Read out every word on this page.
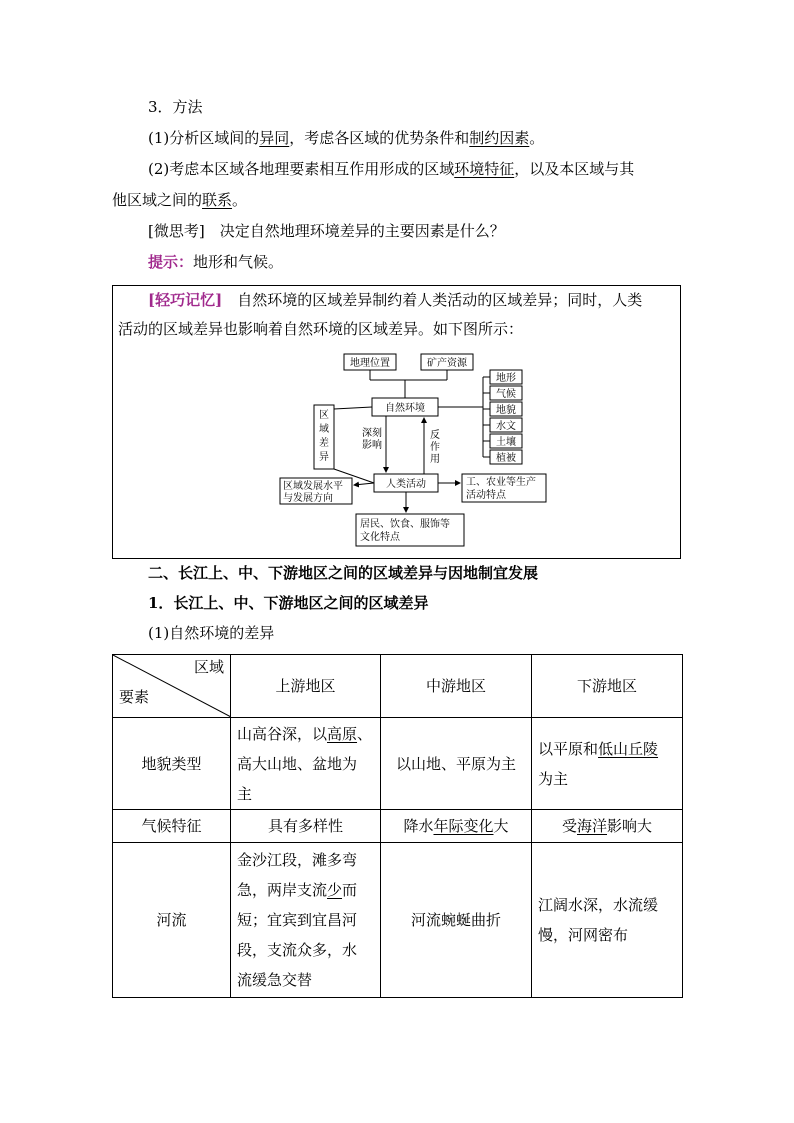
3．方法
(1)分析区域间的异同，考虑各区域的优势条件和制约因素。
(2)考虑本区域各地理要素相互作用形成的区域环境特征，以及本区域与其
他区域之间的联系。
[微思考]　 决定自然地理环境差异的主要因素是什么？
提示：地形和气候。
[轻巧记忆]　 自然环境的区域差异制约着人类活动的区域差异；同时，人类
活动的区域差异也影响着自然环境的区域差异。如下图所示：
地理位置	矿产资源
自然环境
人类活动
区
域
差
异
深刻
影响
反
作
用
地形
气候
地貌
水文
土壤
植被
区域发展水平
与发展方向
工、农业等生产
活动特点
居民、饮食、服饰等
文化特点
二、长江上、中、下游地区之间的区域差异与因地制宜发展
1．长江上、中、下游地区之间的区域差异
(1)自然环境的差异
区域
要素	上游地区	中游地区	下游地区
地貌类型	山高谷深，以高原、
高大山地、盆地为
主	以山地、平原为主	以平原和低山丘陵
为主
气候特征	具有多样性	降水年际变化大	受海洋影响大
河流	金沙江段，滩多弯
急，两岸支流少而
短；宜宾到宜昌河
段，支流众多，水
流缓急交替	河流蜿蜒曲折	江阔水深，水流缓
慢，河网密布
